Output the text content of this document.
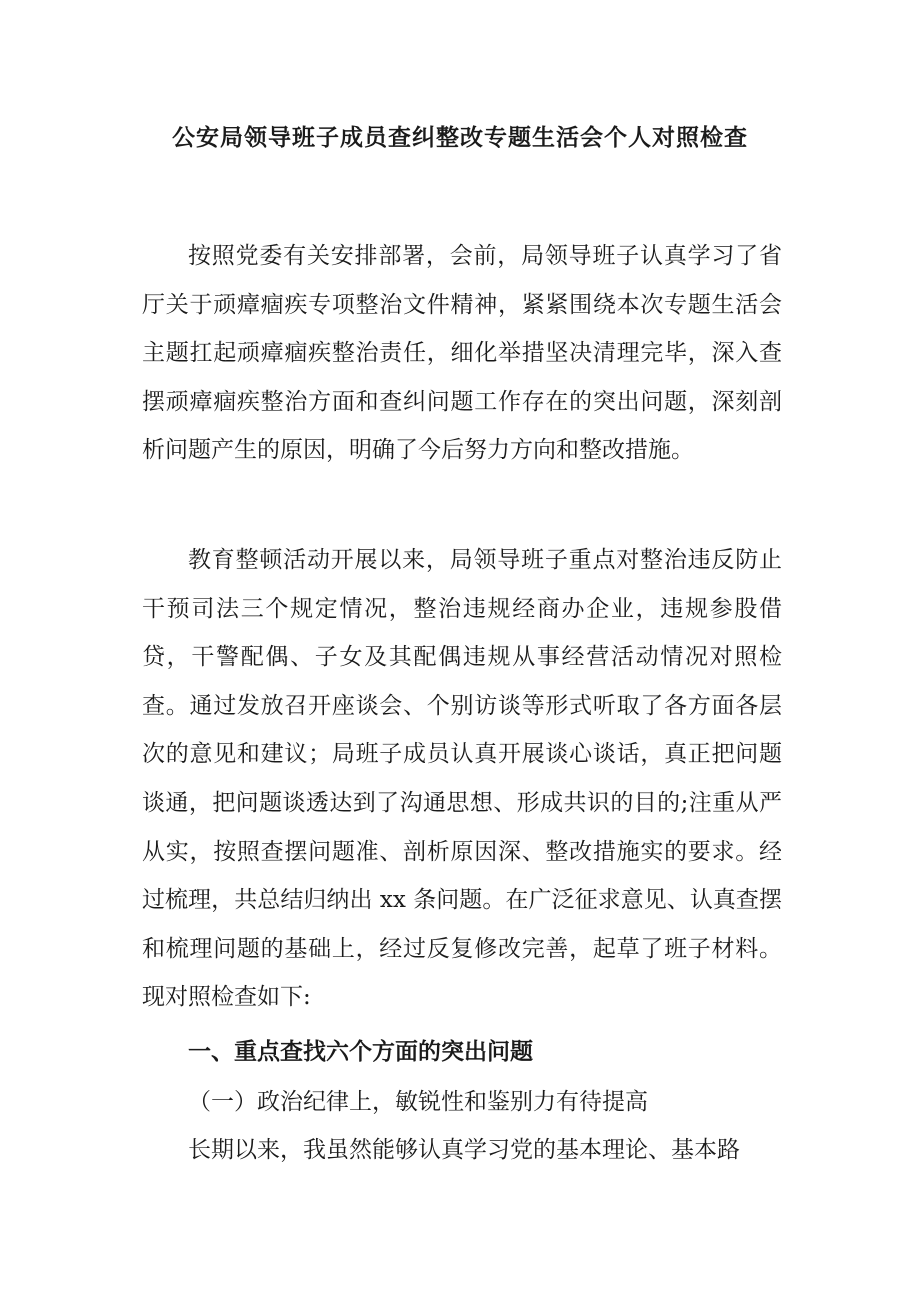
公安局领导班子成员查纠整改专题生活会个人对照检查

按照党委有关安排部署，会前，局领导班子认真学习了省厅关于顽瘴痼疾专项整治文件精神，紧紧围绕本次专题生活会主题扛起顽瘴痼疾整治责任，细化举措坚决清理完毕，深入查摆顽瘴痼疾整治方面和查纠问题工作存在的突出问题，深刻剖析问题产生的原因，明确了今后努力方向和整改措施。

教育整顿活动开展以来，局领导班子重点对整治违反防止干预司法三个规定情况，整治违规经商办企业，违规参股借贷，干警配偶、子女及其配偶违规从事经营活动情况对照检查。通过发放召开座谈会、个别访谈等形式听取了各方面各层次的意见和建议；局班子成员认真开展谈心谈话，真正把问题谈通，把问题谈透达到了沟通思想、形成共识的目的;注重从严从实，按照查摆问题准、剖析原因深、整改措施实的要求。经过梳理，共总结归纳出 xx 条问题。在广泛征求意见、认真查摆和梳理问题的基础上，经过反复修改完善，起草了班子材料。现对照检查如下:

一、重点查找六个方面的突出问题

（一）政治纪律上，敏锐性和鉴别力有待提高

长期以来，我虽然能够认真学习党的基本理论、基本路
